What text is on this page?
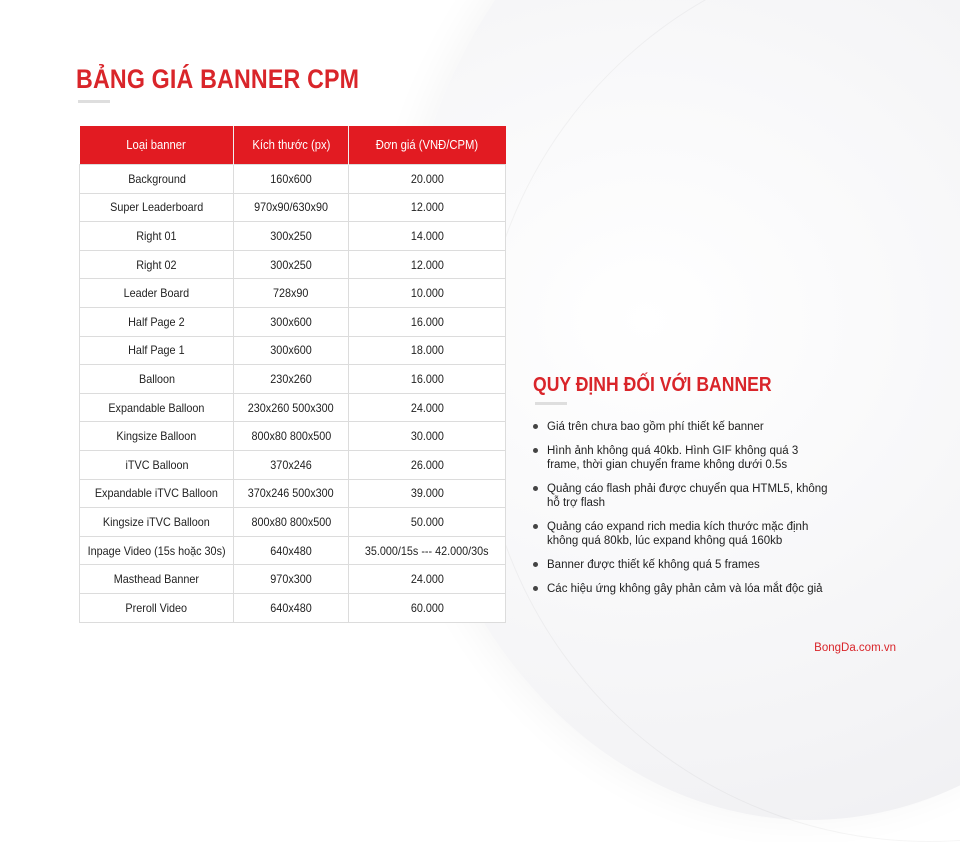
BẢNG GIÁ BANNER CPM
Loại banner	Kích thước (px)	Đơn giá (VNĐ/CPM)
Background	160x600	20.000
Super Leaderboard	970x90/630x90	12.000
Right 01	300x250	14.000
Right 02	300x250	12.000
Leader Board	728x90	10.000
Half Page 2	300x600	16.000
Half Page 1	300x600	18.000
Balloon	230x260	16.000
Expandable Balloon	230x260 500x300	24.000
Kingsize Balloon	800x80 800x500	30.000
iTVC Balloon	370x246	26.000
Expandable iTVC Balloon	370x246 500x300	39.000
Kingsize iTVC Balloon	800x80 800x500	50.000
Inpage Video (15s hoặc 30s)	640x480	35.000/15s --- 42.000/30s
Masthead Banner	970x300	24.000
Preroll Video	640x480	60.000
QUY ĐỊNH ĐỐI VỚI BANNER
Giá trên chưa bao gồm phí thiết kế banner
Hình ảnh không quá 40kb. Hình GIF không quá 3 frame, thời gian chuyển frame không dưới 0.5s
Quảng cáo flash phải được chuyển qua HTML5, không hỗ trợ flash
Quảng cáo expand rich media kích thước mặc định không quá 80kb, lúc expand không quá 160kb
Banner được thiết kế không quá 5 frames
Các hiệu ứng không gây phản cảm và lóa mắt độc giả
BongDa.com.vn
